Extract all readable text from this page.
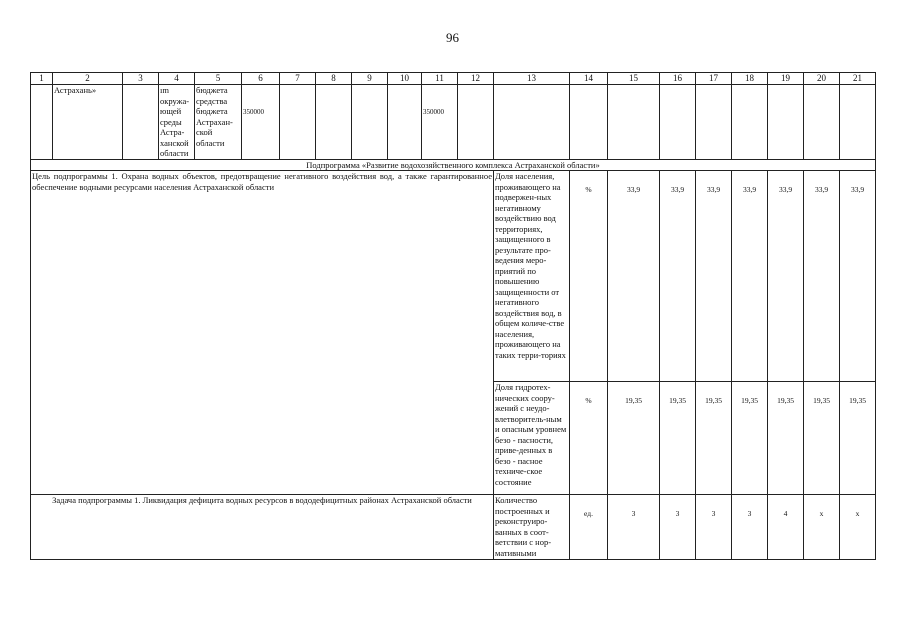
96
1	2	3	4	5	6	7	8	9	10	11	12	13	14	15	16	17	18	19	20	21
	Астрахань»		ım окружа-ющей среды Астра-ханской области	бюджета средства бюджета Астрахан-ской области	350000					350000										
Подпрограмма «Развитие водохозяйственного комплекса Астраханской области»																				
Цель подпрограммы 1. Охрана водных объектов, предотвращение негативного воздействия вод, а также гарантированное обеспечение водными ресурсами населения Астраханской области												Доля населения, проживающего на подвержен-ных негативному воздействию вод территориях, защищенного в результате про-ведения меро-приятий по повышению защищенности от негативного воздействия вод, в общем количе-стве населения, проживающего на таких терри-ториях	%	33,9	33,9	33,9	33,9	33,9	33,9	33,9
												Доля гидротех-нических соору-жений с неудо-влетворитель-ным и опасным уровнем безо - пасности, приве-денных в безо - пасное техниче-ское состояние	%	19,35	19,35	19,35	19,35	19,35	19,35	19,35
Задача подпрограммы 1. Ликвидация дефицита водных ресурсов в вододефицитных районах Астраханской области												Количество построенных и реконструиро-ванных в соот-ветствии с нор-мативными	ед.	3	3	3	3	4	x	x
